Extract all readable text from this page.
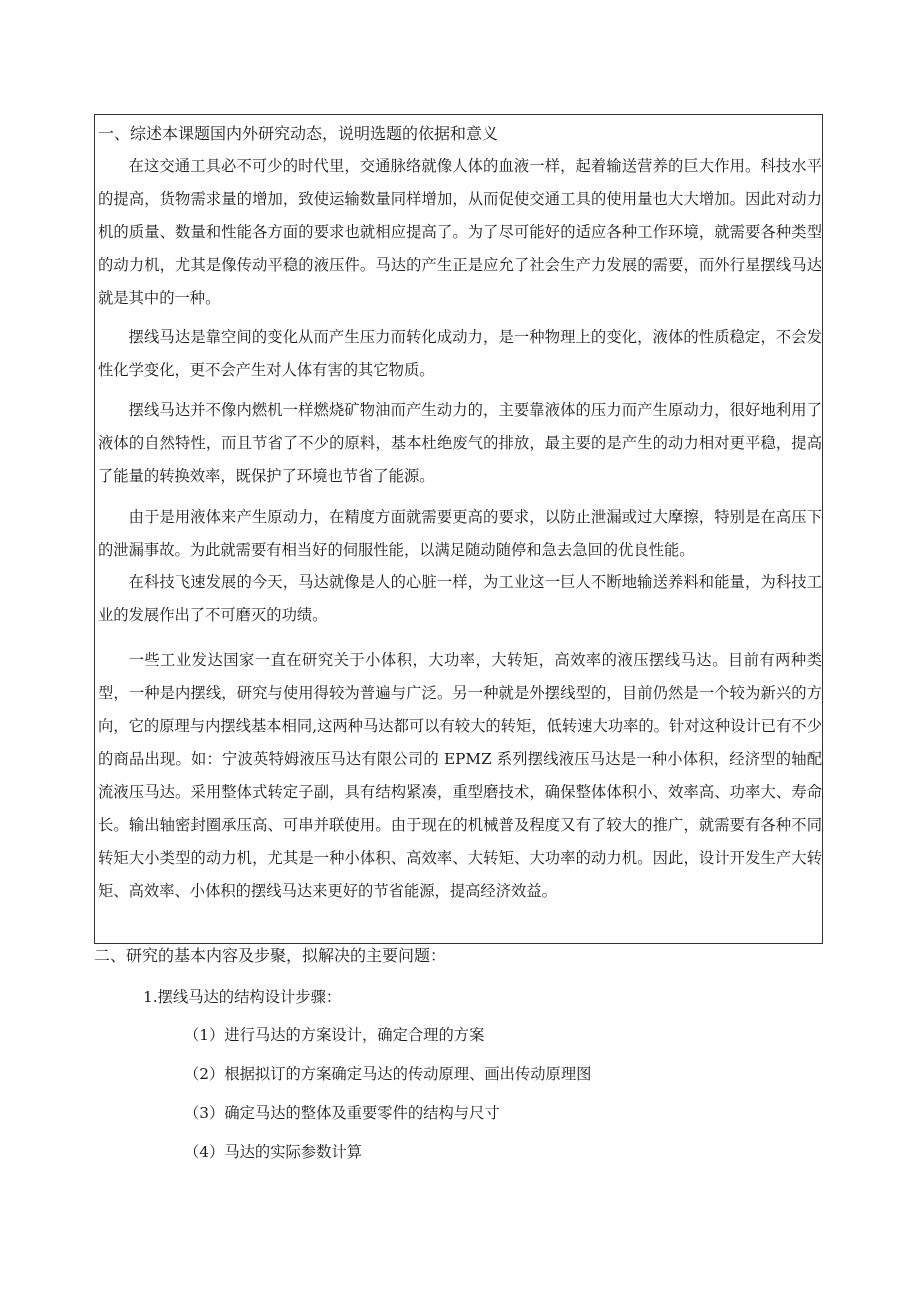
一、综述本课题国内外研究动态，说明选题的依据和意义

在这交通工具必不可少的时代里，交通脉络就像人体的血液一样，起着输送营养的巨大作用。科技水平的提高，货物需求量的增加，致使运输数量同样增加，从而促使交通工具的使用量也大大增加。因此对动力机的质量、数量和性能各方面的要求也就相应提高了。为了尽可能好的适应各种工作环境，就需要各种类型的动力机，尤其是像传动平稳的液压件。马达的产生正是应允了社会生产力发展的需要，而外行星摆线马达就是其中的一种。

摆线马达是靠空间的变化从而产生压力而转化成动力，是一种物理上的变化，液体的性质稳定，不会发性化学变化，更不会产生对人体有害的其它物质。

摆线马达并不像内燃机一样燃烧矿物油而产生动力的，主要靠液体的压力而产生原动力，很好地利用了液体的自然特性，而且节省了不少的原料，基本杜绝废气的排放，最主要的是产生的动力相对更平稳，提高了能量的转换效率，既保护了环境也节省了能源。

由于是用液体来产生原动力，在精度方面就需要更高的要求，以防止泄漏或过大摩擦，特别是在高压下的泄漏事故。为此就需要有相当好的伺服性能，以满足随动随停和急去急回的优良性能。

在科技飞速发展的今天，马达就像是人的心脏一样，为工业这一巨人不断地输送养料和能量，为科技工业的发展作出了不可磨灭的功绩。

一些工业发达国家一直在研究关于小体积，大功率，大转矩，高效率的液压摆线马达。目前有两种类型，一种是内摆线，研究与使用得较为普遍与广泛。另一种就是外摆线型的，目前仍然是一个较为新兴的方向，它的原理与内摆线基本相同,这两种马达都可以有较大的转矩，低转速大功率的。针对这种设计已有不少的商品出现。如：宁波英特姆液压马达有限公司的 EPMZ 系列摆线液压马达是一种小体积，经济型的轴配流液压马达。采用整体式转定子副，具有结构紧凑，重型磨技术，确保整体体积小、效率高、功率大、寿命长。输出轴密封圈承压高、可串并联使用。由于现在的机械普及程度又有了较大的推广，就需要有各种不同转矩大小类型的动力机，尤其是一种小体积、高效率、大转矩、大功率的动力机。因此，设计开发生产大转矩、高效率、小体积的摆线马达来更好的节省能源，提高经济效益。

二、研究的基本内容及步聚，拟解决的主要问题：
1.摆线马达的结构设计步骤：
（1）进行马达的方案设计，确定合理的方案
（2）根据拟订的方案确定马达的传动原理、画出传动原理图
（3）确定马达的整体及重要零件的结构与尺寸
（4）马达的实际参数计算
